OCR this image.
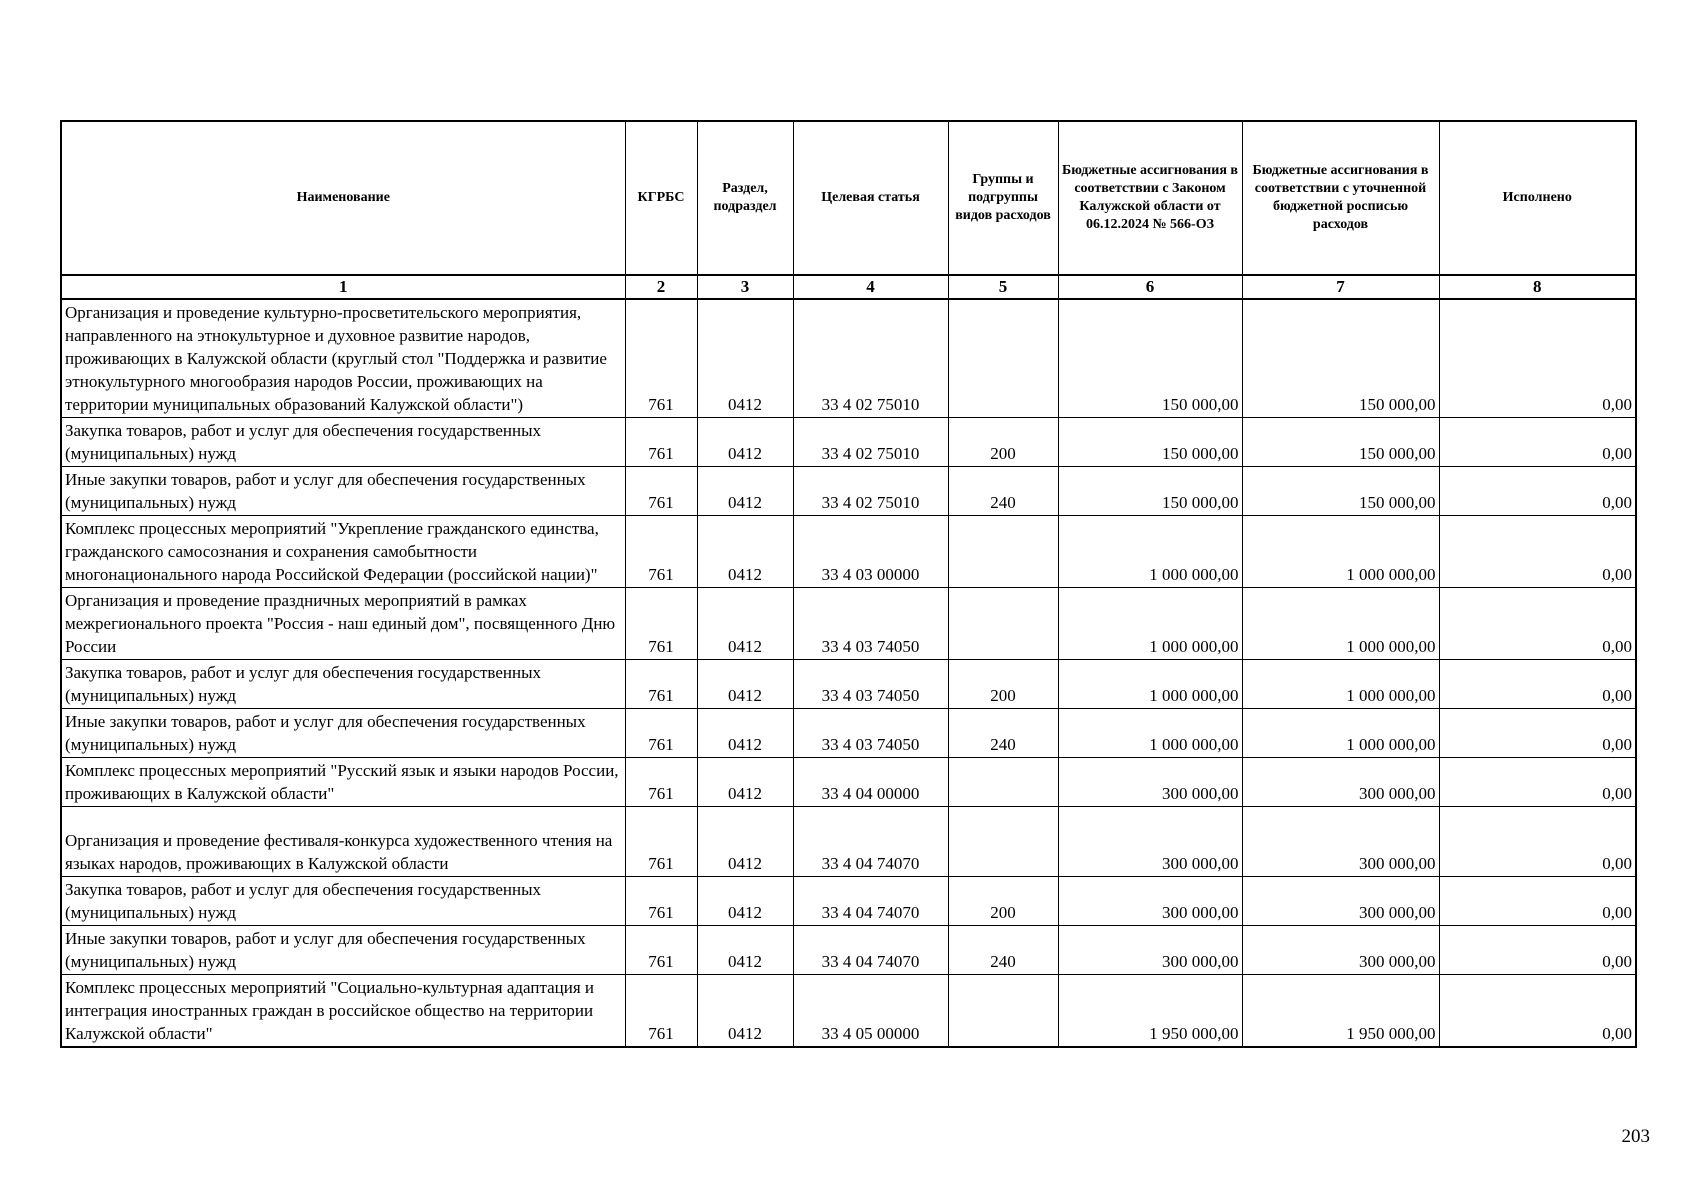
Наименование	КГРБС	Раздел, подраздел	Целевая статья	Группы и подгруппы видов расходов	Бюджетные ассигнования в соответствии с Законом Калужской области от 06.12.2024 № 566-ОЗ	Бюджетные ассигнования в соответствии с уточненной бюджетной росписью расходов	Исполнено
1	2	3	4	5	6	7	8
Организация и проведение культурно-просветительского мероприятия, направленного на этнокультурное и духовное развитие народов, проживающих в Калужской области (круглый стол "Поддержка и развитие этнокультурного многообразия народов России, проживающих на территории муниципальных образований Калужской области")	761	0412	33 4 02 75010		150 000,00	150 000,00	0,00
Закупка товаров, работ и услуг для обеспечения государственных (муниципальных) нужд	761	0412	33 4 02 75010	200	150 000,00	150 000,00	0,00
Иные закупки товаров, работ и услуг для обеспечения государственных (муниципальных) нужд	761	0412	33 4 02 75010	240	150 000,00	150 000,00	0,00
Комплекс процессных мероприятий "Укрепление гражданского единства, гражданского самосознания и сохранения самобытности многонационального народа Российской Федерации (российской нации)"	761	0412	33 4 03 00000		1 000 000,00	1 000 000,00	0,00
Организация и проведение праздничных мероприятий в рамках межрегионального проекта "Россия - наш единый дом", посвященного Дню России	761	0412	33 4 03 74050		1 000 000,00	1 000 000,00	0,00
Закупка товаров, работ и услуг для обеспечения государственных (муниципальных) нужд	761	0412	33 4 03 74050	200	1 000 000,00	1 000 000,00	0,00
Иные закупки товаров, работ и услуг для обеспечения государственных (муниципальных) нужд	761	0412	33 4 03 74050	240	1 000 000,00	1 000 000,00	0,00
Комплекс процессных мероприятий "Русский язык и языки народов России, проживающих в Калужской области"	761	0412	33 4 04 00000		300 000,00	300 000,00	0,00
Организация и проведение фестиваля-конкурса художественного чтения на языках народов, проживающих в Калужской области	761	0412	33 4 04 74070		300 000,00	300 000,00	0,00
Закупка товаров, работ и услуг для обеспечения государственных (муниципальных) нужд	761	0412	33 4 04 74070	200	300 000,00	300 000,00	0,00
Иные закупки товаров, работ и услуг для обеспечения государственных (муниципальных) нужд	761	0412	33 4 04 74070	240	300 000,00	300 000,00	0,00
Комплекс процессных мероприятий "Социально-культурная адаптация и интеграция иностранных граждан в российское общество на территории Калужской области"	761	0412	33 4 05 00000		1 950 000,00	1 950 000,00	0,00
203
